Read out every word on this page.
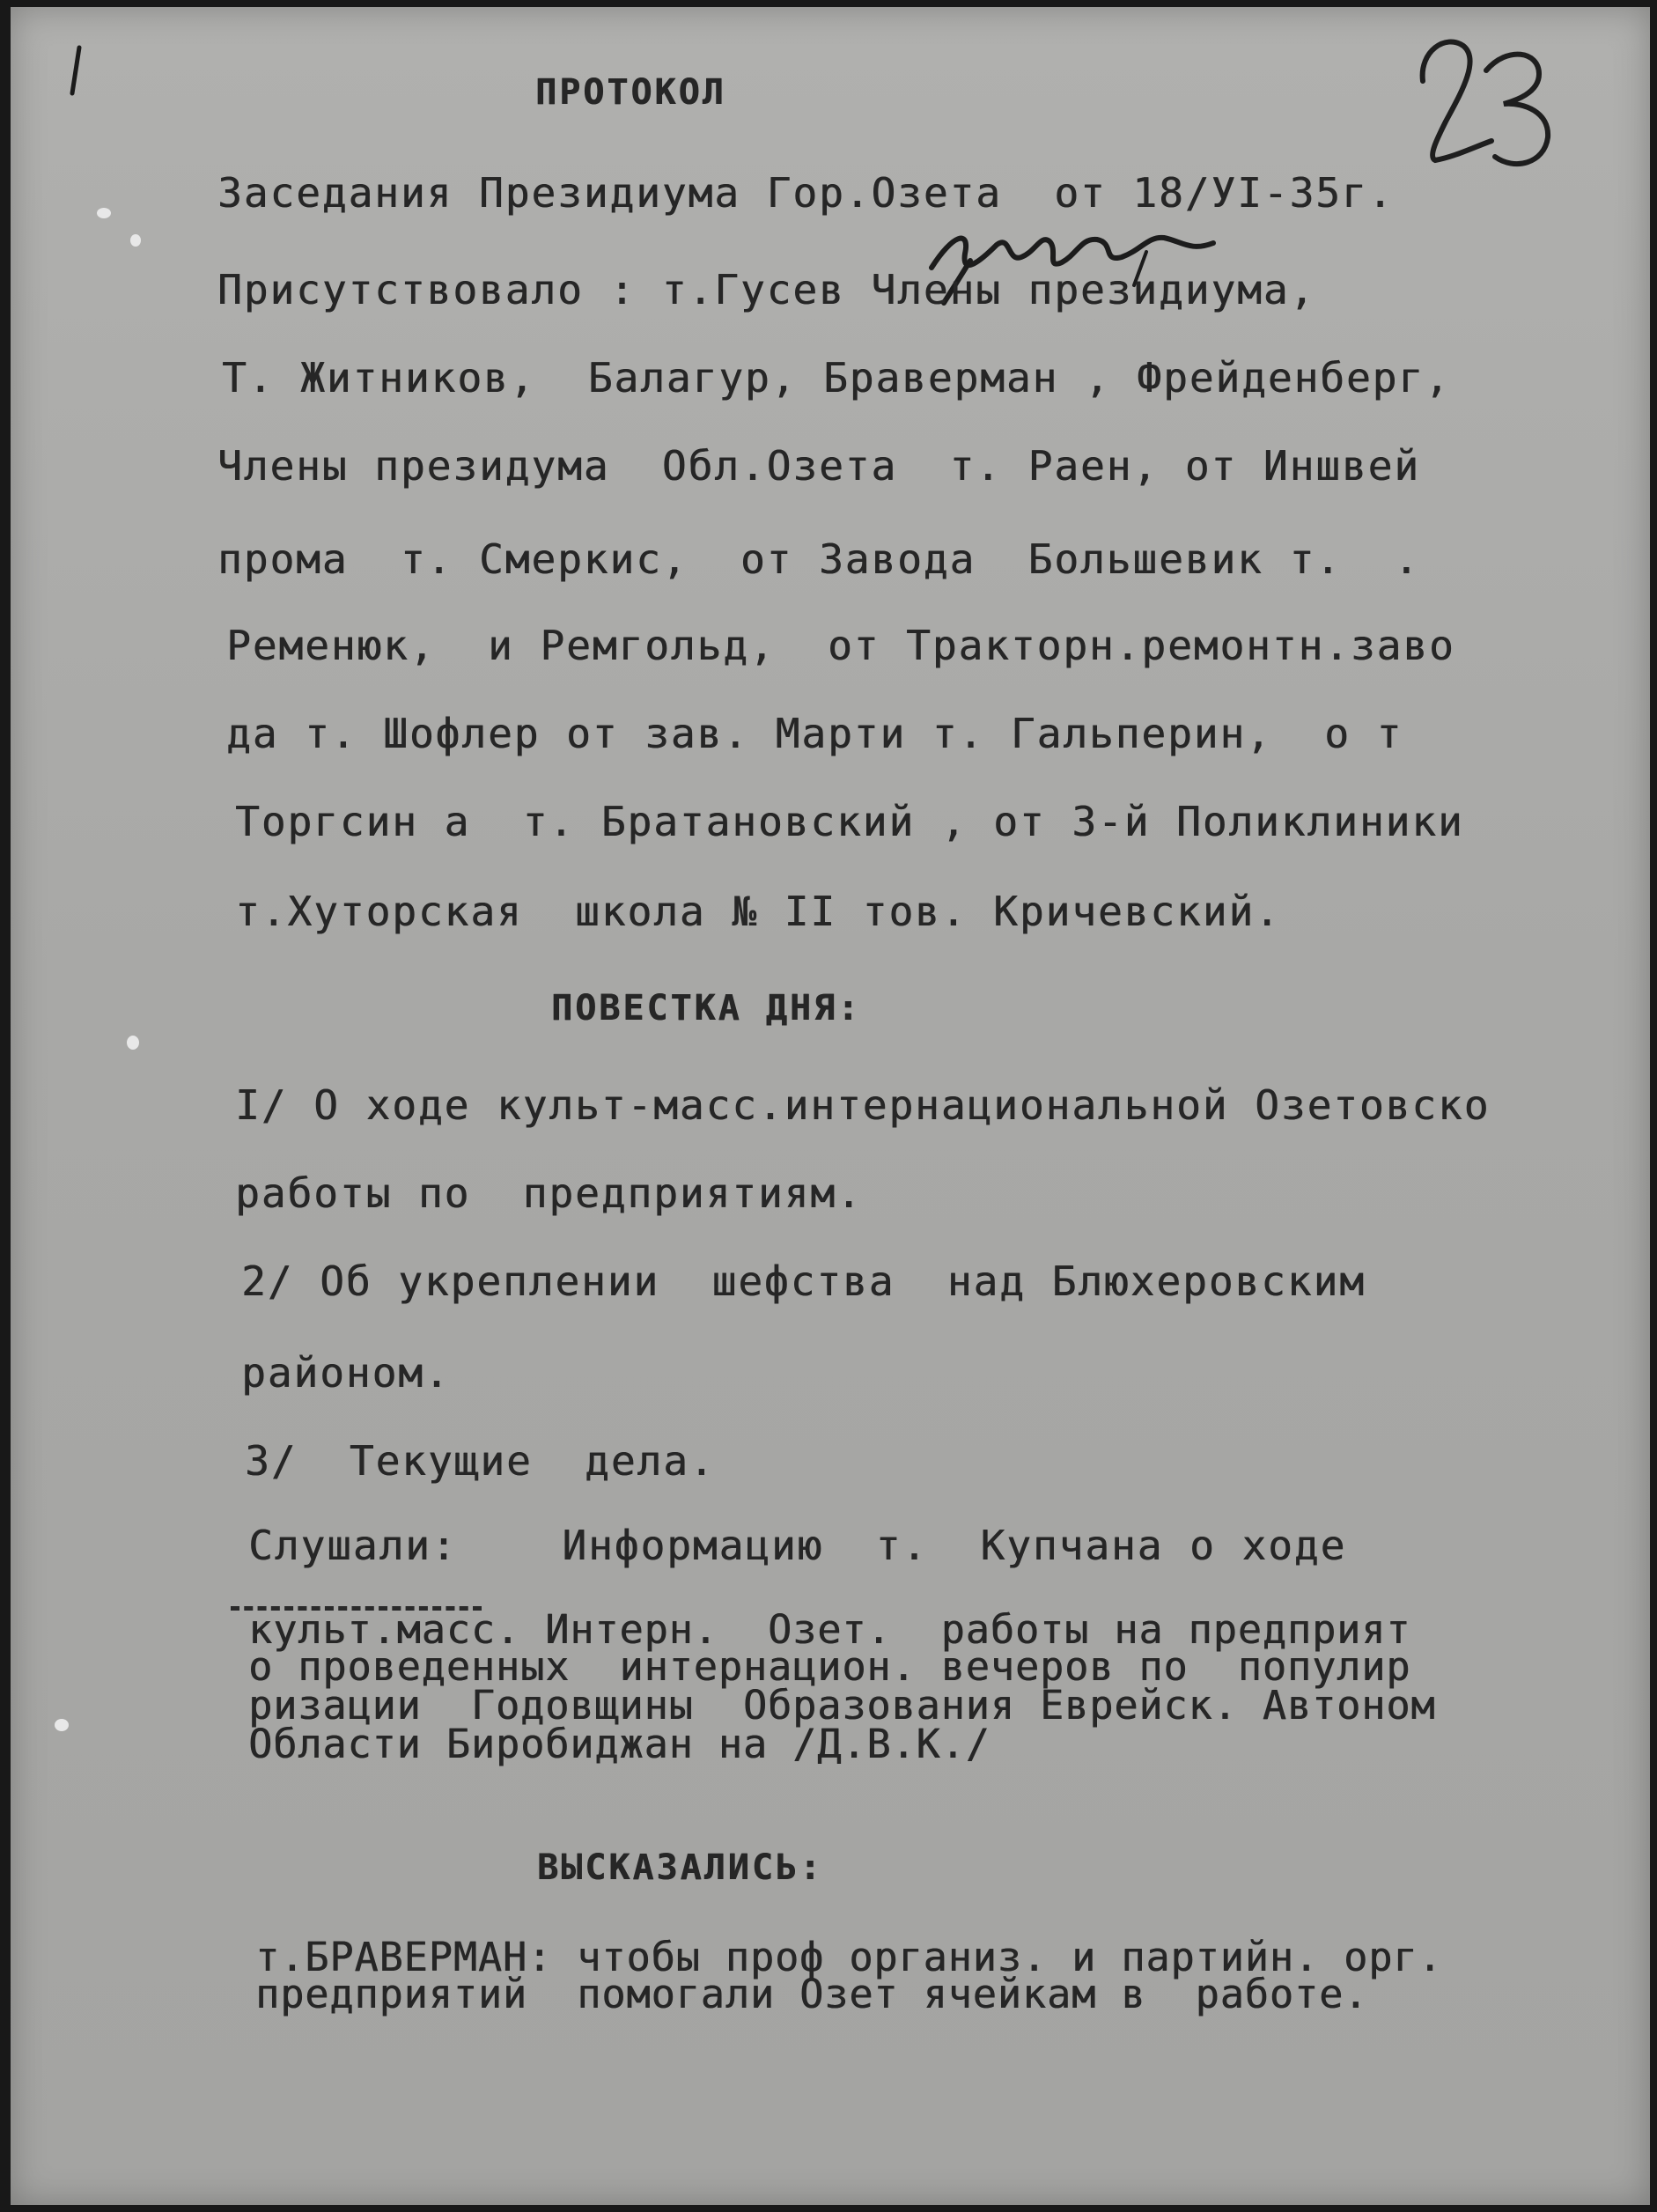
ПРОТОКОЛ
Заседания Президиума Гор.Озета  от 18/УI-35г.
Присутствовало : т.Гусев Члены президиума,
Т. Житников,  Балагур, Браверман , Фрейденберг,
Члены президума  Обл.Озета  т. Раен, от Иншвей
прома  т. Смеркис,  от Завода  Большевик т.  .
Ременюк,  и Ремгольд,  от Тракторн.ремонтн.заво
да т. Шофлер от зав. Марти т. Гальперин,  о т
Торгсин а  т. Братановский , от 3-й Поликлиники
т.Хуторская  школа № II тов. Кричевский.
ПОВЕСТКА ДНЯ:
I/ О ходе культ-масс.интернациональной Озетовско
работы по  предприятиям.
2/ Об укреплении  шефства  над Блюхеровским
районом.
3/  Текущие  дела.
Слушали:    Информацию  т.  Купчана о ходе
культ.масс. Интерн.  Озет.  работы на предприят
о проведенных  интернацион. вечеров по  популир
ризации  Годовщины  Образования Еврейск. Автоном
Области Биробиджан на /Д.В.К./
ВЫСКАЗАЛИСЬ:
т.БРАВЕРМАН: чтобы проф организ. и партийн. орг.
предприятий  помогали Озет ячейкам в  работе.
